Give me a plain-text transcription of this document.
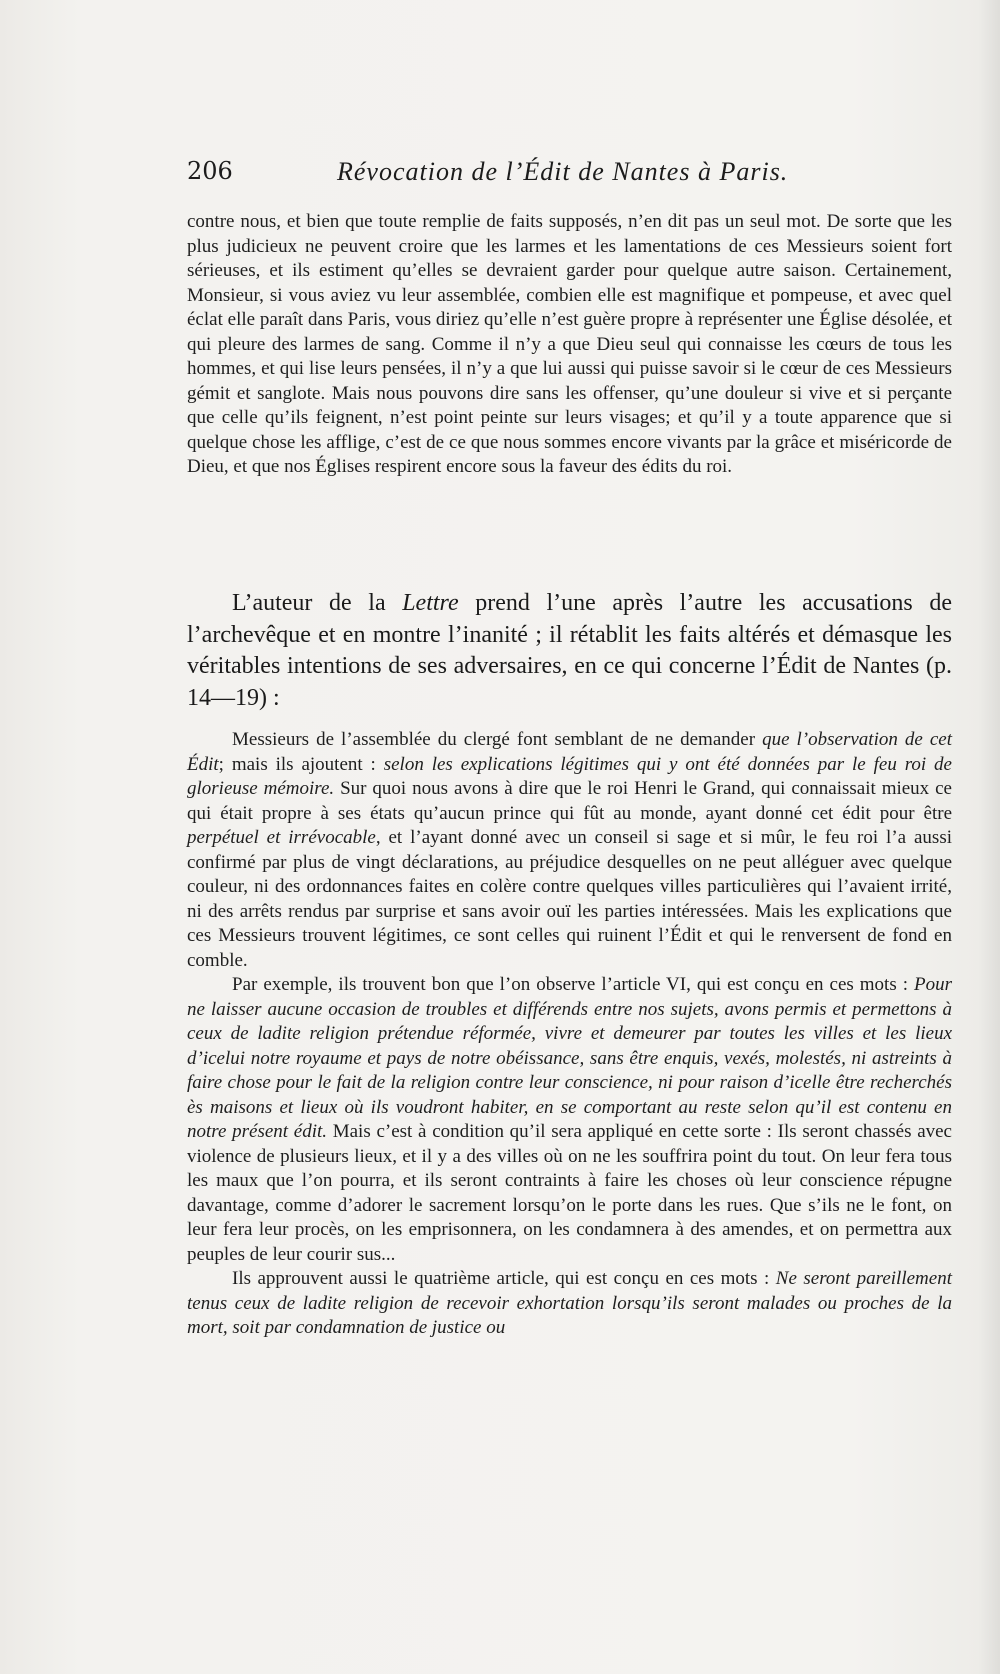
206	Révocation de l’Édit de Nantes à Paris.

contre nous, et bien que toute remplie de faits supposés, n’en dit pas un seul mot. De sorte que les plus judicieux ne peuvent croire que les larmes et les lamentations de ces Messieurs soient fort sérieuses, et ils estiment qu’elles se devraient garder pour quelque autre saison. Certainement, Monsieur, si vous aviez vu leur assemblée, combien elle est magnifique et pompeuse, et avec quel éclat elle paraît dans Paris, vous diriez qu’elle n’est guère propre à représenter une Église désolée, et qui pleure des larmes de sang. Comme il n’y a que Dieu seul qui connaisse les cœurs de tous les hommes, et qui lise leurs pensées, il n’y a que lui aussi qui puisse savoir si le cœur de ces Messieurs gémit et sanglote. Mais nous pouvons dire sans les offenser, qu’une douleur si vive et si perçante que celle qu’ils feignent, n’est point peinte sur leurs visages; et qu’il y a toute apparence que si quelque chose les afflige, c’est de ce que nous sommes encore vivants par la grâce et miséricorde de Dieu, et que nos Églises respirent encore sous la faveur des édits du roi.

L’auteur de la Lettre prend l’une après l’autre les accusations de l’archevêque et en montre l’inanité ; il rétablit les faits altérés et démasque les véritables intentions de ses adversaires, en ce qui concerne l’Édit de Nantes (p. 14—19) :

Messieurs de l’assemblée du clergé font semblant de ne demander que l’observation de cet Édit; mais ils ajoutent : selon les explications légitimes qui y ont été données par le feu roi de glorieuse mémoire. Sur quoi nous avons à dire que le roi Henri le Grand, qui connaissait mieux ce qui était propre à ses états qu’aucun prince qui fût au monde, ayant donné cet édit pour être perpétuel et irrévocable, et l’ayant donné avec un conseil si sage et si mûr, le feu roi l’a aussi confirmé par plus de vingt déclarations, au préjudice desquelles on ne peut alléguer avec quelque couleur, ni des ordonnances faites en colère contre quelques villes particulières qui l’avaient irrité, ni des arrêts rendus par surprise et sans avoir ouï les parties intéressées. Mais les explications que ces Messieurs trouvent légitimes, ce sont celles qui ruinent l’Édit et qui le renversent de fond en comble.

Par exemple, ils trouvent bon que l’on observe l’article VI, qui est conçu en ces mots : Pour ne laisser aucune occasion de troubles et différends entre nos sujets, avons permis et permettons à ceux de ladite religion prétendue réformée, vivre et demeurer par toutes les villes et les lieux d’icelui notre royaume et pays de notre obéissance, sans être enquis, vexés, molestés, ni astreints à faire chose pour le fait de la religion contre leur conscience, ni pour raison d’icelle être recherchés ès maisons et lieux où ils voudront habiter, en se comportant au reste selon qu’il est contenu en notre présent édit. Mais c’est à condition qu’il sera appliqué en cette sorte : Ils seront chassés avec violence de plusieurs lieux, et il y a des villes où on ne les souffrira point du tout. On leur fera tous les maux que l’on pourra, et ils seront contraints à faire les choses où leur conscience répugne davantage, comme d’adorer le sacrement lorsqu’on le porte dans les rues. Que s’ils ne le font, on leur fera leur procès, on les emprisonnera, on les condamnera à des amendes, et on permettra aux peuples de leur courir sus...

Ils approuvent aussi le quatrième article, qui est conçu en ces mots : Ne seront pareillement tenus ceux de ladite religion de recevoir exhortation lorsqu’ils seront malades ou proches de la mort, soit par condamnation de justice ou
